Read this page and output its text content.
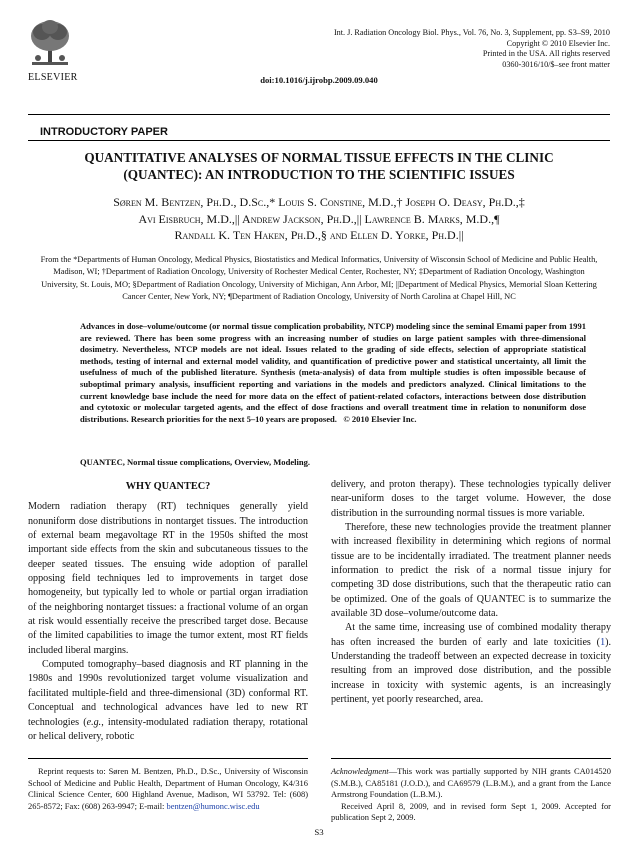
ELSEVIER
Int. J. Radiation Oncology Biol. Phys., Vol. 76, No. 3, Supplement, pp. S3–S9, 2010
Copyright © 2010 Elsevier Inc.
Printed in the USA. All rights reserved
0360-3016/10/$–see front matter
doi:10.1016/j.ijrobp.2009.09.040
INTRODUCTORY PAPER
QUANTITATIVE ANALYSES OF NORMAL TISSUE EFFECTS IN THE CLINIC (QUANTEC): AN INTRODUCTION TO THE SCIENTIFIC ISSUES
Søren M. Bentzen, Ph.D., D.Sc.,* Louis S. Constine, M.D.,† Joseph O. Deasy, Ph.D.,‡
Avi Eisbruch, M.D.,|| Andrew Jackson, Ph.D.,|| Lawrence B. Marks, M.D.,¶
Randall K. Ten Haken, Ph.D.,§ and Ellen D. Yorke, Ph.D.||
From the *Departments of Human Oncology, Medical Physics, Biostatistics and Medical Informatics, University of Wisconsin School of Medicine and Public Health, Madison, WI; †Department of Radiation Oncology, University of Rochester Medical Center, Rochester, NY; ‡Department of Radiation Oncology, Washington University, St. Louis, MO; §Department of Radiation Oncology, University of Michigan, Ann Arbor, MI; ||Department of Medical Physics, Memorial Sloan Kettering Cancer Center, New York, NY; ¶Department of Radiation Oncology, University of North Carolina at Chapel Hill, NC
Advances in dose–volume/outcome (or normal tissue complication probability, NTCP) modeling since the seminal Emami paper from 1991 are reviewed. There has been some progress with an increasing number of studies on large patient samples with three-dimensional dosimetry. Nevertheless, NTCP models are not ideal. Issues related to the grading of side effects, selection of appropriate statistical methods, testing of internal and external model validity, and quantification of predictive power and statistical uncertainty, all limit the usefulness of much of the published literature. Synthesis (meta-analysis) of data from multiple studies is often impossible because of suboptimal primary analysis, insufficient reporting and variations in the models and predictors analyzed. Clinical limitations to the current knowledge base include the need for more data on the effect of patient-related cofactors, interactions between dose distribution and cytotoxic or molecular targeted agents, and the effect of dose fractions and overall treatment time in relation to nonuniform dose distributions. Research priorities for the next 5–10 years are proposed. © 2010 Elsevier Inc.
QUANTEC, Normal tissue complications, Overview, Modeling.
WHY QUANTEC?

Modern radiation therapy (RT) techniques generally yield nonuniform dose distributions in nontarget tissues. The introduction of external beam megavoltage RT in the 1950s shifted the most important side effects from the skin and subcutaneous tissues to the deeper seated tissues. The ensuing wide adoption of parallel opposing field techniques led to improvements in target dose homogeneity, but typically led to whole or partial organ irradiation of the neighboring nontarget tissues: a fractional volume of an organ at risk would essentially receive the prescribed target dose. Because of the limited capabilities to image the tumor extent, most RT fields included liberal margins.

Computed tomography–based diagnosis and RT planning in the 1980s and 1990s revolutionized target volume visualization and facilitated multiple-field and three-dimensional (3D) conformal RT. Conceptual and technological advances have led to new RT technologies (e.g., intensity-modulated radiation therapy, rotational or helical delivery, robotic

delivery, and proton therapy). These technologies typically deliver near-uniform doses to the target volume. However, the dose distribution in the surrounding normal tissues is more variable.

Therefore, these new technologies provide the treatment planner with increased flexibility in determining which regions of normal tissue are to be incidentally irradiated. The treatment planner needs information to predict the risk of a normal tissue injury for competing 3D dose distributions, such that the therapeutic ratio can be optimized. One of the goals of QUANTEC is to summarize the available 3D dose–volume/outcome data.

At the same time, increasing use of combined modality therapy has often increased the burden of early and late toxicities (1). Understanding the tradeoff between an expected decrease in toxicity resulting from an improved dose distribution, and the possible increase in toxicity with systemic agents, is an increasingly pertinent, yet poorly researched, area.

Reprint requests to: Søren M. Bentzen, Ph.D., D.Sc., University of Wisconsin School of Medicine and Public Health, Department of Human Oncology, K4/316 Clinical Science Center, 600 Highland Avenue, Madison, WI 53792. Tel: (608) 265-8572; Fax: (608) 263-9947; E-mail: bentzen@humonc.wisc.edu
Acknowledgment—This work was partially supported by NIH grants CA014520 (S.M.B.), CA85181 (J.O.D.), and CA69579 (L.B.M.), and a grant from the Lance Armstrong Foundation (L.B.M.).
Received April 8, 2009, and in revised form Sept 1, 2009. Accepted for publication Sept 2, 2009.
S3
